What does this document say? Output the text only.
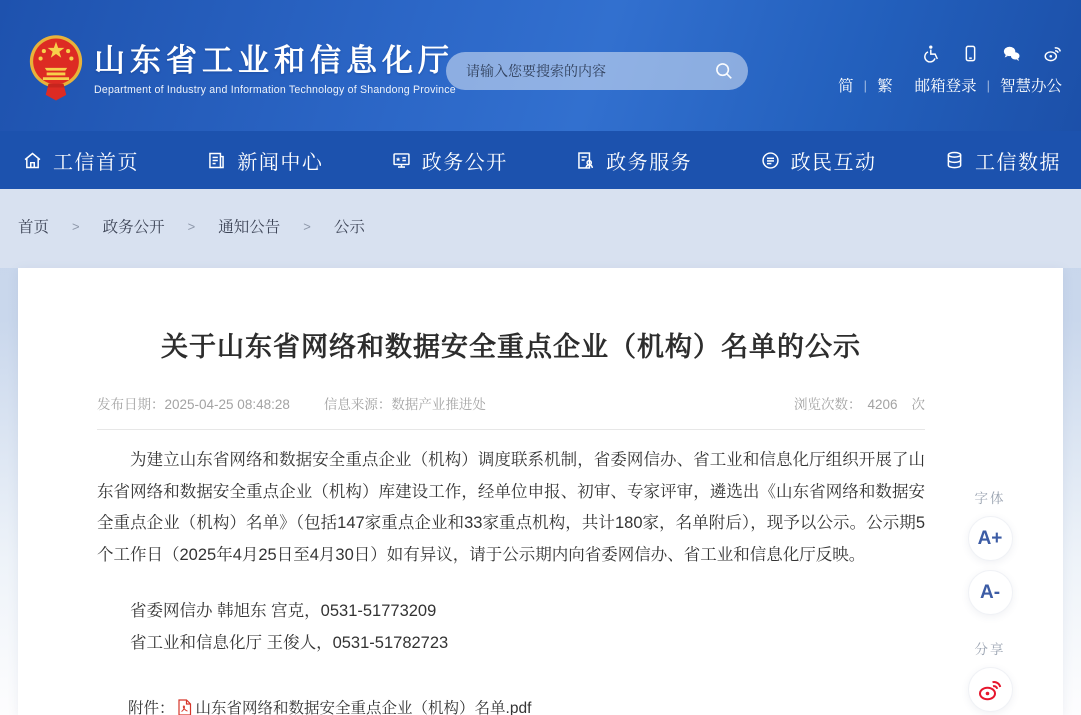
山东省工业和信息化厅
Department of Industry and Information Technology of Shandong Province
请输入您要搜索的内容	简 | 繁 邮箱登录 | 智慧办公
工信首页	新闻中心	政务公开	政务服务	政民互动	工信数据
首页 > 政务公开 > 通知公告 > 公示
关于山东省网络和数据安全重点企业（机构）名单的公示
发布日期： 2025-04-25 08:48:28	信息来源： 数据产业推进处	浏览次数： 4206 次
为建立山东省网络和数据安全重点企业（机构）调度联系机制，省委网信办、省工业和信息化厅组织开展了山东省网络和数据安全重点企业（机构）库建设工作，经单位申报、初审、专家评审，遴选出《山东省网络和数据安全重点企业（机构）名单》（包括147家重点企业和33家重点机构，共计180家，名单附后），现予以公示。公示期5个工作日（2025年4月25日至4月30日）如有异议，请于公示期内向省委网信办、省工业和信息化厅反映。
省委网信办 韩旭东 宫克，0531-51773209
省工业和信息化厅 王俊人，0531-51782723
附件： 山东省网络和数据安全重点企业（机构）名单.pdf
字体
A+
A-
分享
